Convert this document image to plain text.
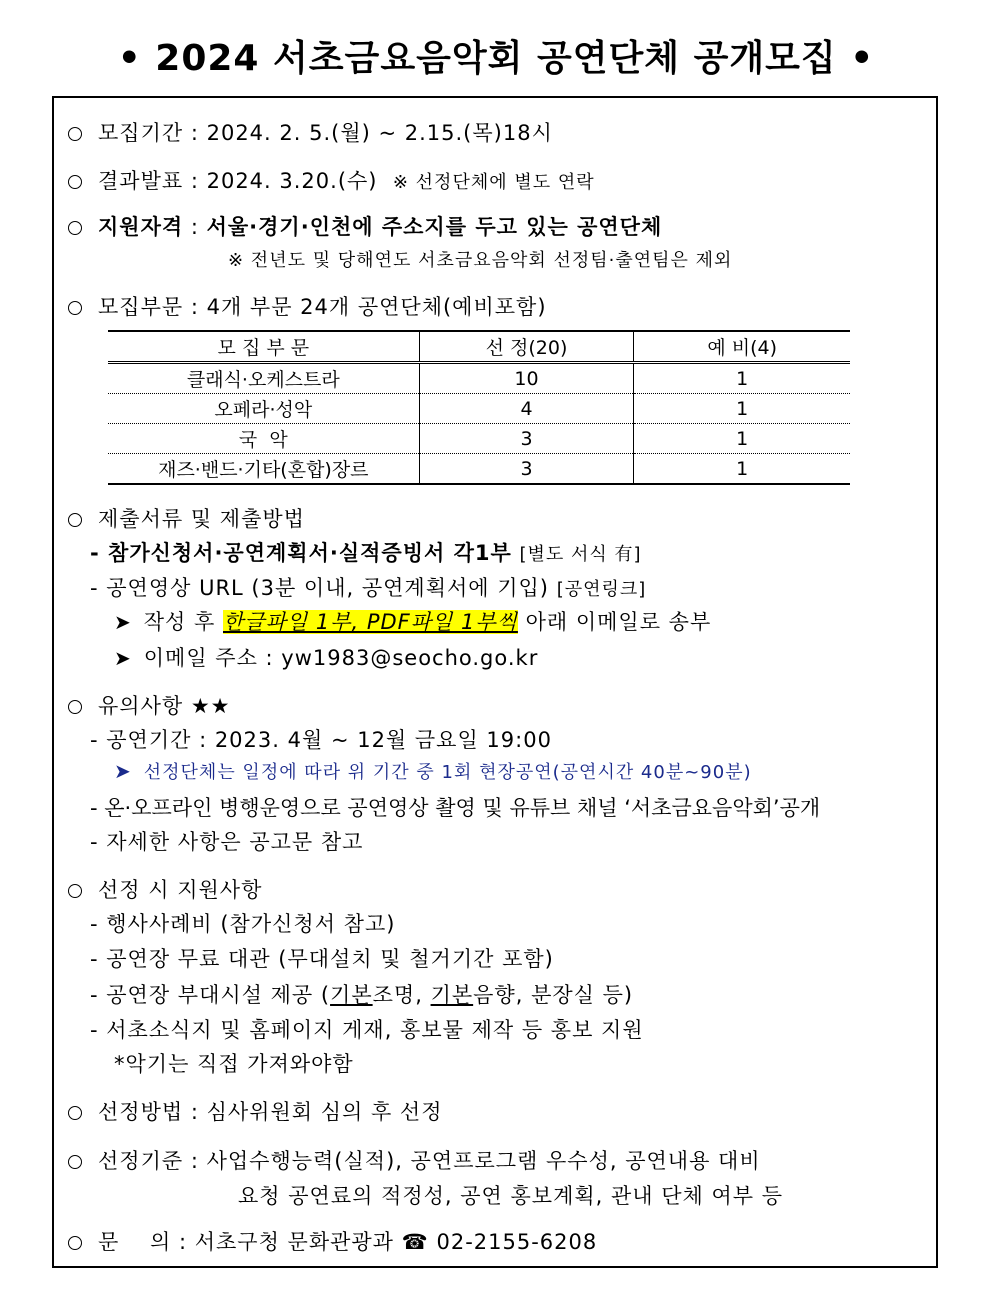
• 2024 서초금요음악회 공연단체 공개모집 •
모집기간 : 2024. 2. 5.(월) ~ 2.15.(목)18시
결과발표 : 2024. 3.20.(수) ※ 선정단체에 별도 연락
지원자격 : 서울·경기·인천에 주소지를 두고 있는 공연단체
※ 전년도 및 당해연도 서초금요음악회 선정팀·출연팀은 제외
모집부문 : 4개 부문 24개 공연단체(예비포함)
모 집 부 문	선 정(20)	예 비(4)
클래식·오케스트라	10	1
오페라·성악	4	1
국  악	3	1
재즈·밴드·기타(혼합)장르	3	1
제출서류 및 제출방법
- 참가신청서·공연계획서·실적증빙서 각1부 [별도 서식 有]
- 공연영상 URL (3분 이내, 공연계획서에 기입) [공연링크]
➤ 작성 후 한글파일 1부, PDF파일 1부씩 아래 이메일로 송부
➤ 이메일 주소 : yw1983@seocho.go.kr
유의사항 ★★
- 공연기간 : 2023. 4월 ~ 12월 금요일 19:00
➤ 선정단체는 일정에 따라 위 기간 중 1회 현장공연(공연시간 40분~90분)
- 온·오프라인 병행운영으로 공연영상 촬영 및 유튜브 채널 ‘서초금요음악회’공개
- 자세한 사항은 공고문 참고
선정 시 지원사항
- 행사사례비 (참가신청서 참고)
- 공연장 무료 대관 (무대설치 및 철거기간 포함)
- 공연장 부대시설 제공 (기본조명, 기본음향, 분장실 등)
- 서초소식지 및 홈페이지 게재, 홍보물 제작 등 홍보 지원
*악기는 직접 가져와야함
선정방법 : 심사위원회 심의 후 선정
선정기준 : 사업수행능력(실적), 공연프로그램 우수성, 공연내용 대비
요청 공연료의 적정성, 공연 홍보계획, 관내 단체 여부 등
문    의 : 서초구청 문화관광과 ☎ 02-2155-6208
